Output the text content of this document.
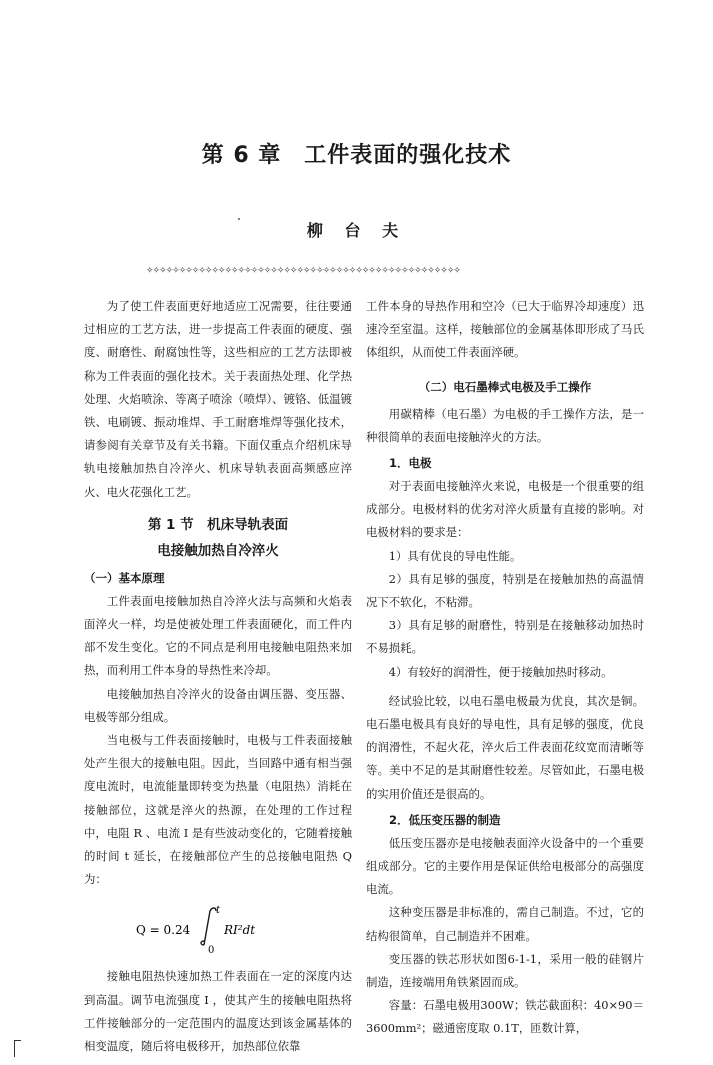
第 6 章　工件表面的强化技术
柳 台 夫
✧✧✧✧✧✧✧✧✧✧✧✧✧✧✧✧✧✧✧✧✧✧✧✧✧✧✧✧✧✧✧✧✧✧✧✧✧✧✧✧✧✧✧✧✧✧✧✧

为了使工件表面更好地适应工况需要，往往要通过相应的工艺方法，进一步提高工件表面的硬度、强度、耐磨性、耐腐蚀性等，这些相应的工艺方法即被称为工件表面的强化技术。关于表面热处理、化学热处理、火焰喷涂、等离子喷涂（喷焊）、镀铬、低温镀铁、电刷镀、振动堆焊、手工耐磨堆焊等强化技术，请参阅有关章节及有关书籍。下面仅重点介绍机床导轨电接触加热自冷淬火、机床导轨表面高频感应淬火、电火花强化工艺。

第 1 节　机床导轨表面
电接触加热自冷淬火
（一）基本原理

工件表面电接触加热自冷淬火法与高频和火焰表面淬火一样，均是使被处理工件表面硬化，而工件内部不发生变化。它的不同点是利用电接触电阻热来加热，而利用工件本身的导热性来冷却。

电接触加热自冷淬火的设备由调压器、变压器、电极等部分组成。

当电极与工件表面接触时，电极与工件表面接触处产生很大的接触电阻。因此，当回路中通有相当强度电流时，电流能量即转变为热量（电阻热）消耗在接触部位，这就是淬火的热源，在处理的工作过程中，电阻 R 、电流 I 是有些波动变化的，它随着接触的时间 t 延长，在接触部位产生的总接触电阻热 Q 为：

Q = 0.24
t
0
RI²dt

接触电阻热快速加热工件表面在一定的深度内达到高温。调节电流强度 I ，使其产生的接触电阻热将工件接触部分的一定范围内的温度达到该金属基体的相变温度，随后将电极移开，加热部位依靠

工件本身的导热作用和空冷（已大于临界冷却速度）迅速冷至室温。这样，接触部位的金属基体即形成了马氏体组织，从而使工件表面淬硬。

（二）电石墨棒式电极及手工操作

用碳精棒（电石墨）为电极的手工操作方法，是一种很简单的表面电接触淬火的方法。

1．电极

对于表面电接触淬火来说，电极是一个很重要的组成部分。电极材料的优劣对淬火质量有直接的影响。对电极材料的要求是：

1）具有优良的导电性能。

2）具有足够的强度，特别是在接触加热的高温情况下不软化，不粘滞。

3）具有足够的耐磨性，特别是在接触移动加热时不易损耗。

4）有较好的润滑性，便于接触加热时移动。

经试验比较，以电石墨电极最为优良，其次是铜。电石墨电极具有良好的导电性，具有足够的强度，优良的润滑性，不起火花，淬火后工件表面花纹宽而清晰等等。美中不足的是其耐磨性较差。尽管如此，石墨电极的实用价值还是很高的。

2．低压变压器的制造

低压变压器亦是电接触表面淬火设备中的一个重要组成部分。它的主要作用是保证供给电极部分的高强度电流。

这种变压器是非标准的，需自己制造。不过，它的结构很简单，自己制造并不困难。

变压器的铁芯形状如图6-1-1，采用一般的硅钢片制造，连接端用角铁紧固而成。

容量：石墨电极用300W；铁芯截面积：40×90＝3600mm²；磁通密度取 0.1T，匝数计算，
